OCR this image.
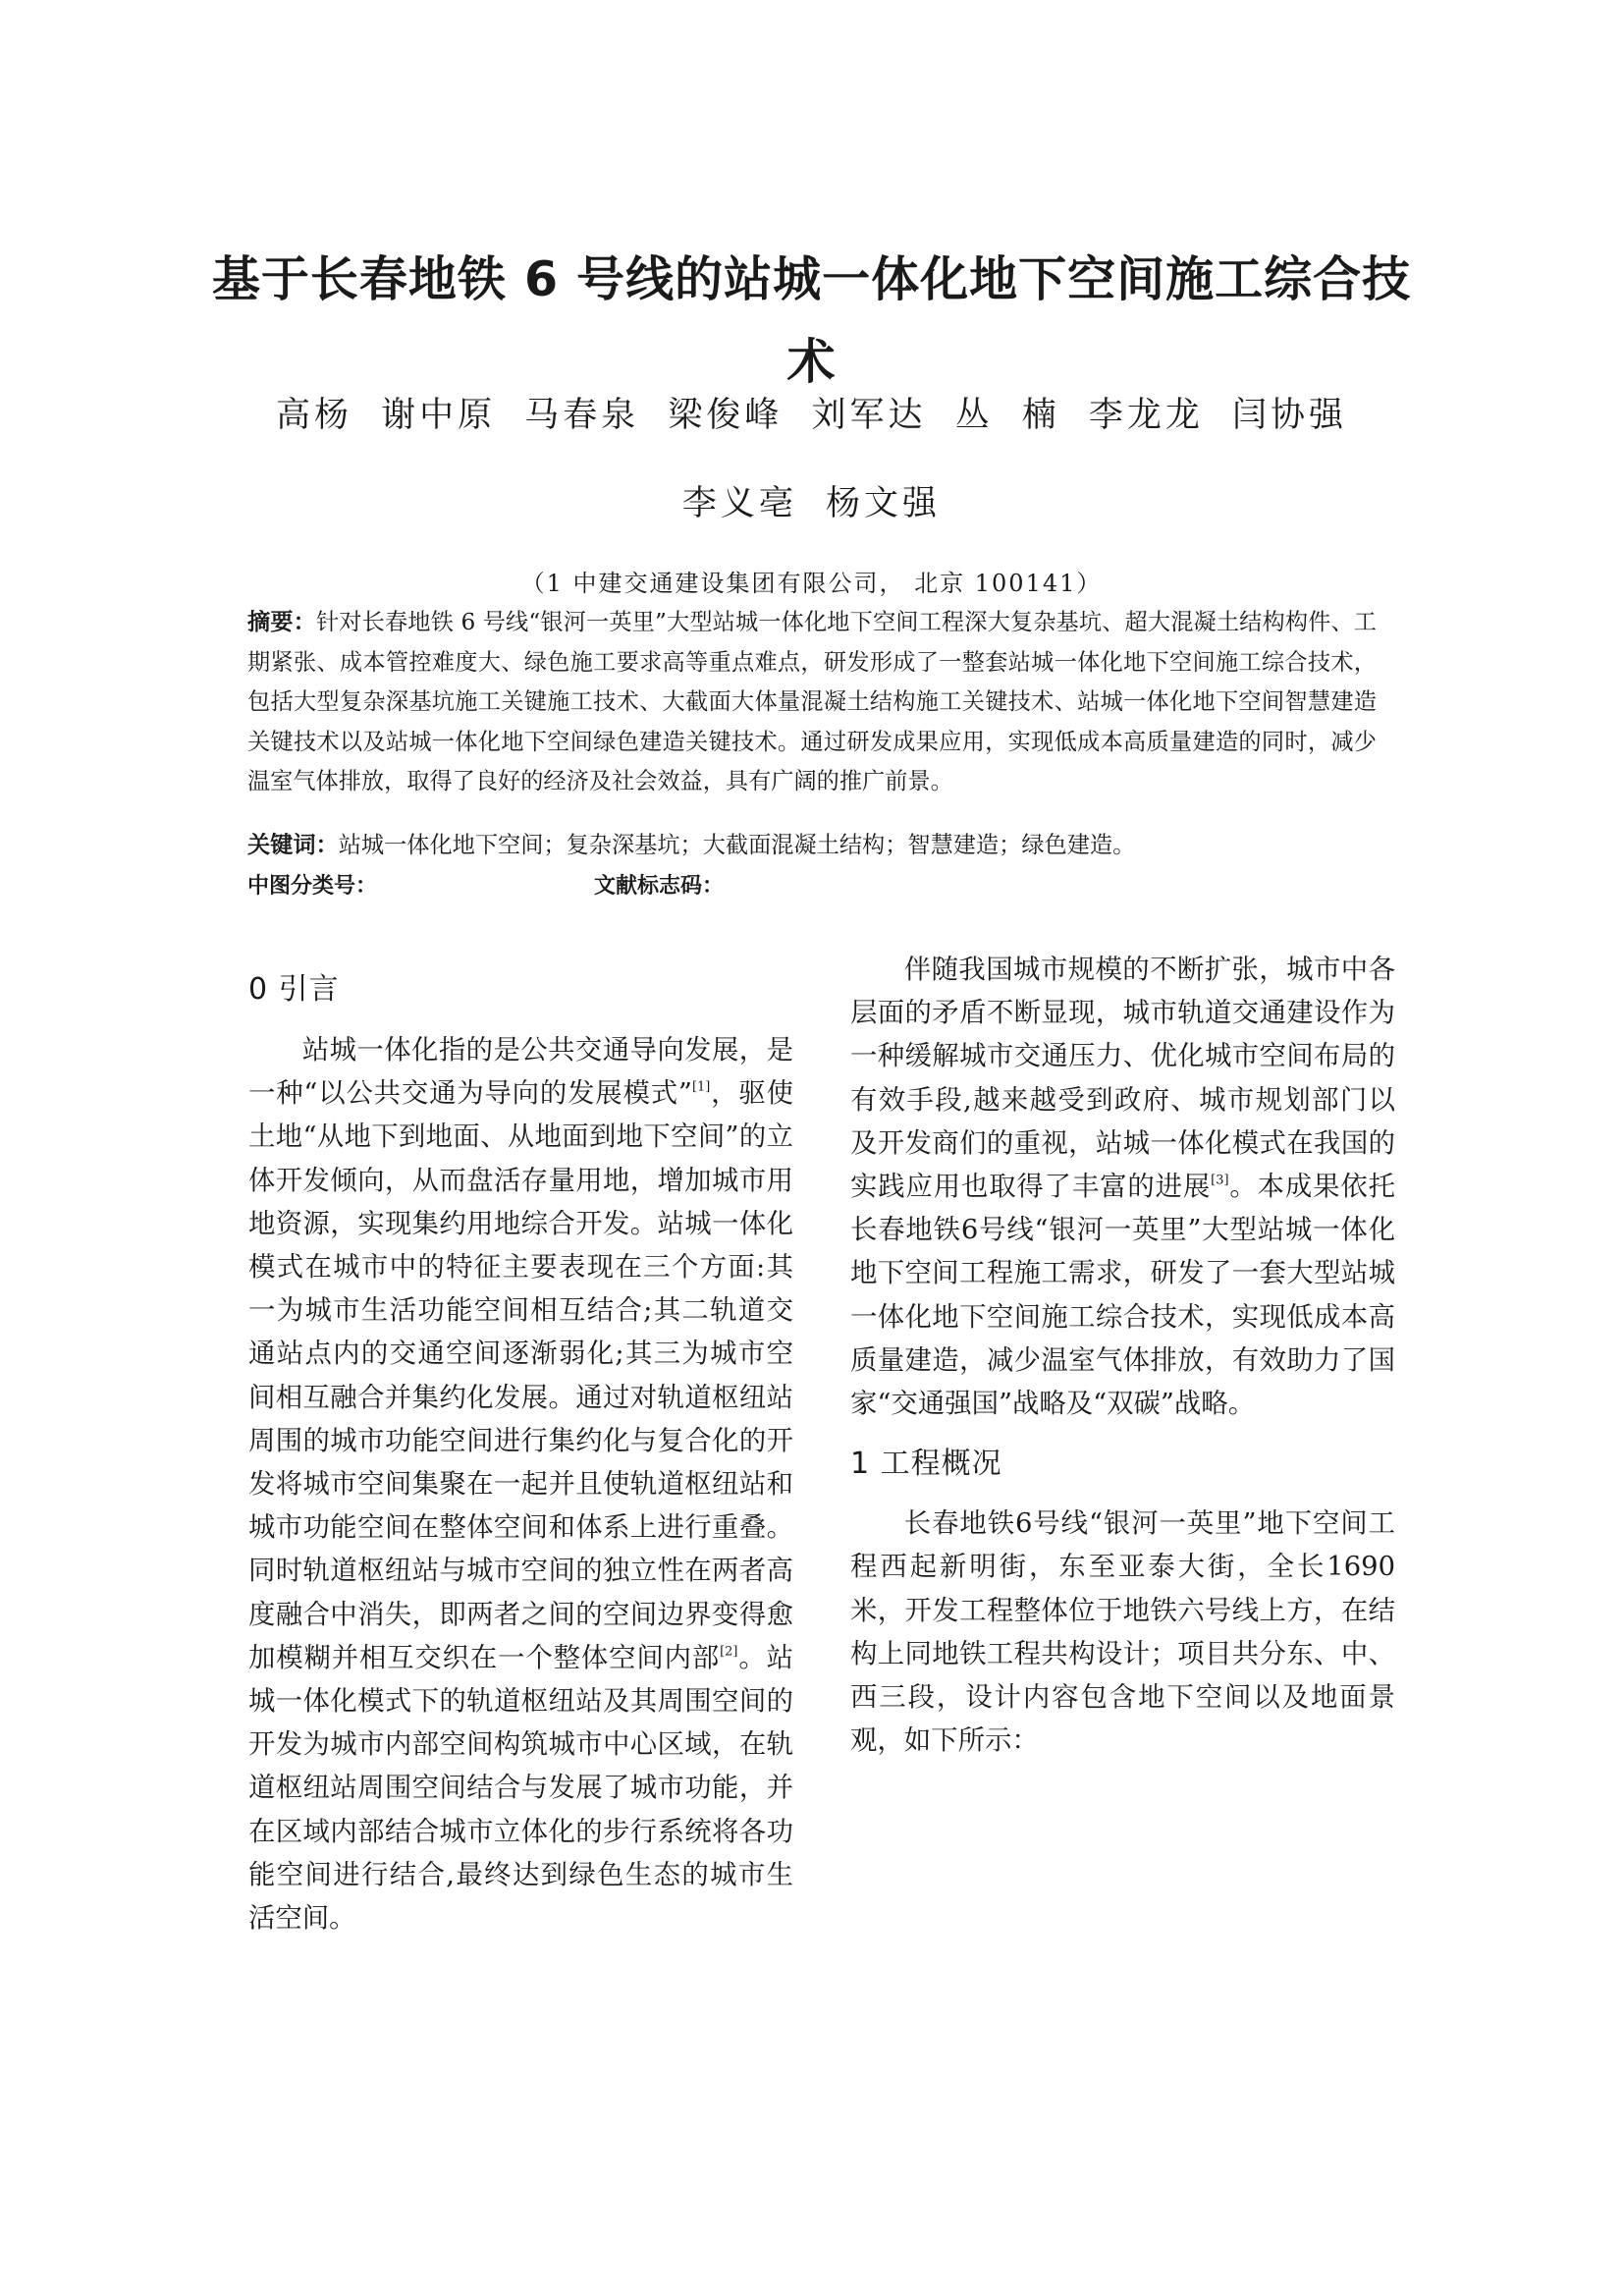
基于长春地铁 6 号线的站城一体化地下空间施工综合技术
高杨 谢中原 马春泉 梁俊峰 刘军达 丛 楠 李龙龙 闫协强 李义亳 杨文强
（1 中建交通建设集团有限公司， 北京 100141）
摘要：针对长春地铁 6 号线“银河一英里”大型站城一体化地下空间工程深大复杂基坑、超大混凝土结构构件、工期紧张、成本管控难度大、绿色施工要求高等重点难点，研发形成了一整套站城一体化地下空间施工综合技术，包括大型复杂深基坑施工关键施工技术、大截面大体量混凝土结构施工关键技术、站城一体化地下空间智慧建造关键技术以及站城一体化地下空间绿色建造关键技术。通过研发成果应用，实现低成本高质量建造的同时，减少温室气体排放，取得了良好的经济及社会效益，具有广阔的推广前景。
关键词：站城一体化地下空间；复杂深基坑；大截面混凝土结构；智慧建造；绿色建造。
中图分类号：	文献标志码：
0 引言

站城一体化指的是公共交通导向发展，是一种“以公共交通为导向的发展模式”[1]，驱使土地“从地下到地面、从地面到地下空间”的立体开发倾向，从而盘活存量用地，增加城市用地资源，实现集约用地综合开发。站城一体化模式在城市中的特征主要表现在三个方面:其一为城市生活功能空间相互结合;其二轨道交通站点内的交通空间逐渐弱化;其三为城市空间相互融合并集约化发展。通过对轨道枢纽站周围的城市功能空间进行集约化与复合化的开发将城市空间集聚在一起并且使轨道枢纽站和城市功能空间在整体空间和体系上进行重叠。同时轨道枢纽站与城市空间的独立性在两者高度融合中消失，即两者之间的空间边界变得愈加模糊并相互交织在一个整体空间内部[2]。站城一体化模式下的轨道枢纽站及其周围空间的开发为城市内部空间构筑城市中心区域，在轨道枢纽站周围空间结合与发展了城市功能，并在区域内部结合城市立体化的步行系统将各功能空间进行结合,最终达到绿色生态的城市生活空间。

伴随我国城市规模的不断扩张，城市中各层面的矛盾不断显现，城市轨道交通建设作为一种缓解城市交通压力、优化城市空间布局的有效手段,越来越受到政府、城市规划部门以及开发商们的重视，站城一体化模式在我国的实践应用也取得了丰富的进展[3]。本成果依托长春地铁6号线“银河一英里”大型站城一体化地下空间工程施工需求，研发了一套大型站城一体化地下空间施工综合技术，实现低成本高质量建造，减少温室气体排放，有效助力了国家“交通强国”战略及“双碳”战略。

1 工程概况

长春地铁6号线“银河一英里”地下空间工程西起新明街，东至亚泰大街，全长1690米，开发工程整体位于地铁六号线上方，在结构上同地铁工程共构设计；项目共分东、中、西三段，设计内容包含地下空间以及地面景观，如下所示：
